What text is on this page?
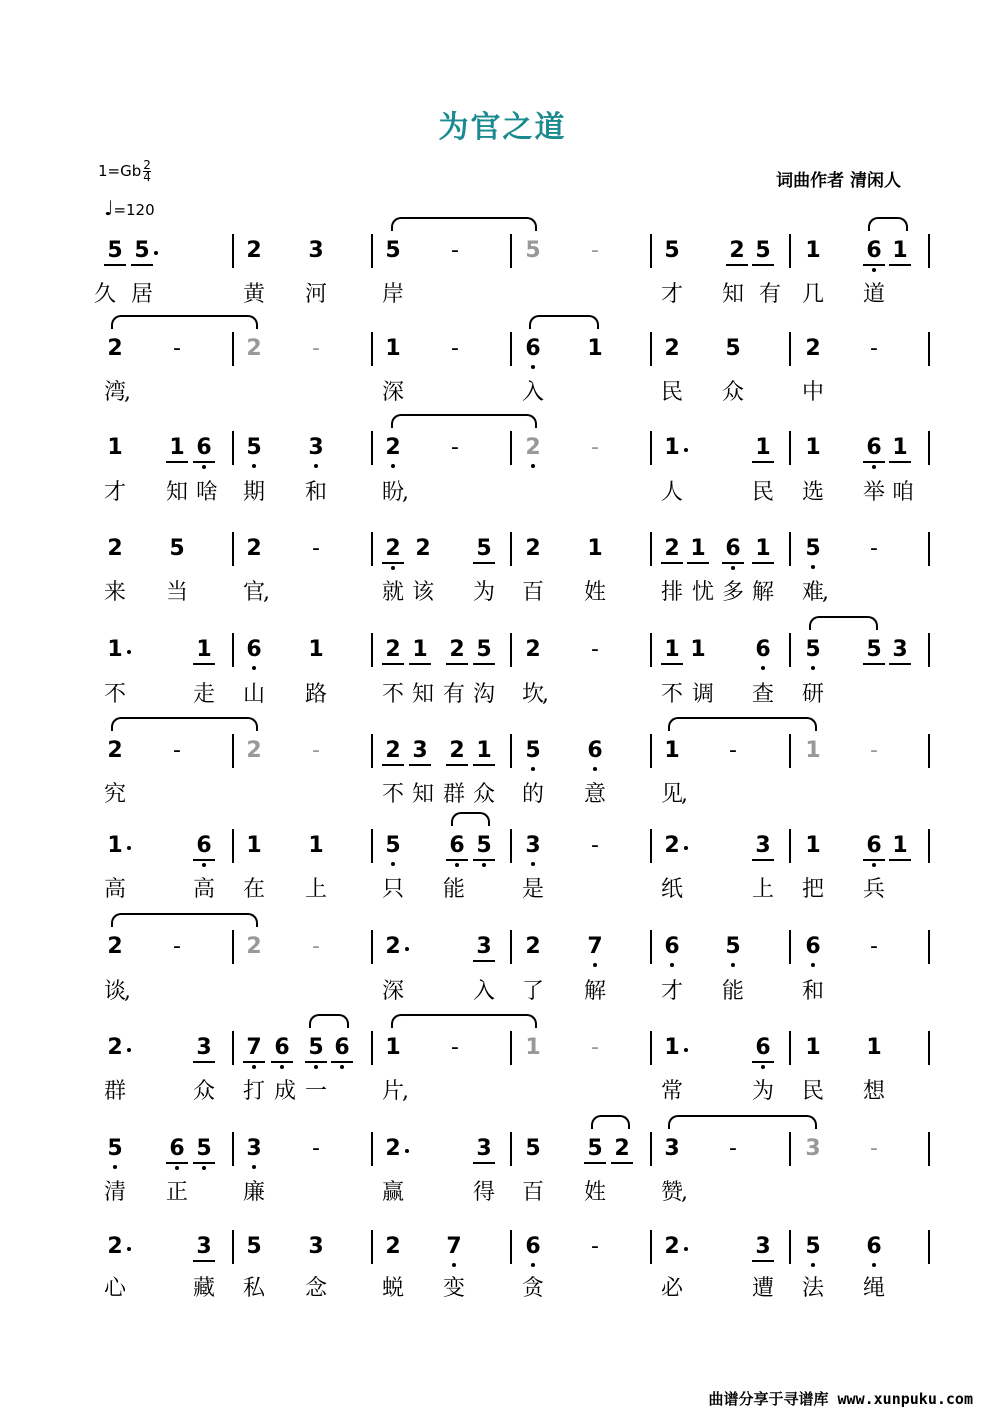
为官之道
$1=Gb \frac{2}{4}$
♩=120
词曲作者 清闲人
曲谱分享于寻谱库 www.xunpuku.com
5 5	2 3	5	-	5	-	5 2 5 1 6 1
2	-	2	-	1	-	6 1	2 5	2	-
1 1 6 5 3	2	-	2	-	1	1 1 6 1
2 5	2	-	2 2 5 2 1	2 1 6 1 5	-
1	1 6 1	2 1 2 5 2	-	1 1 6 5 5 3
2	-	2	-	2 3 2 1 5 6	1	-	1	-
1	6 1 1	5 6 5 3	-	2	3 1 6 1
2	-	2	-	2	3 2 7	6 5	6	-
2	3 7 6 5 6 1	-	1	-	1	6 1 1
5 6 5 3	-	2	3 5 5 2 3	-	3	-
2	3 5 3	2 7	6	-	2	3 5 6
久 居	黄 河 岸	才 知 有 几 道
湾
,	深	入	民 众	中
才 知 啥 期 和 盼
,	人	民 选 举 咱
来 当 官
,	就 该 为 百 姓 排 忧 多 解 难
,
不	走 山 路 不 知 有 沟 坎
,	不 调 查 研
究	不 知 群 众 的 意 见
,
高	高 在 上 只 能	是	纸	上 把 兵
谈
,	深	入 了 解 才 能	和
群	众 打 成 一 片
,	常	为 民 想
清 正 廉	赢	得 百 姓 赞
,
心	藏 私 念 蜕 变	贪	必	遭 法 绳
